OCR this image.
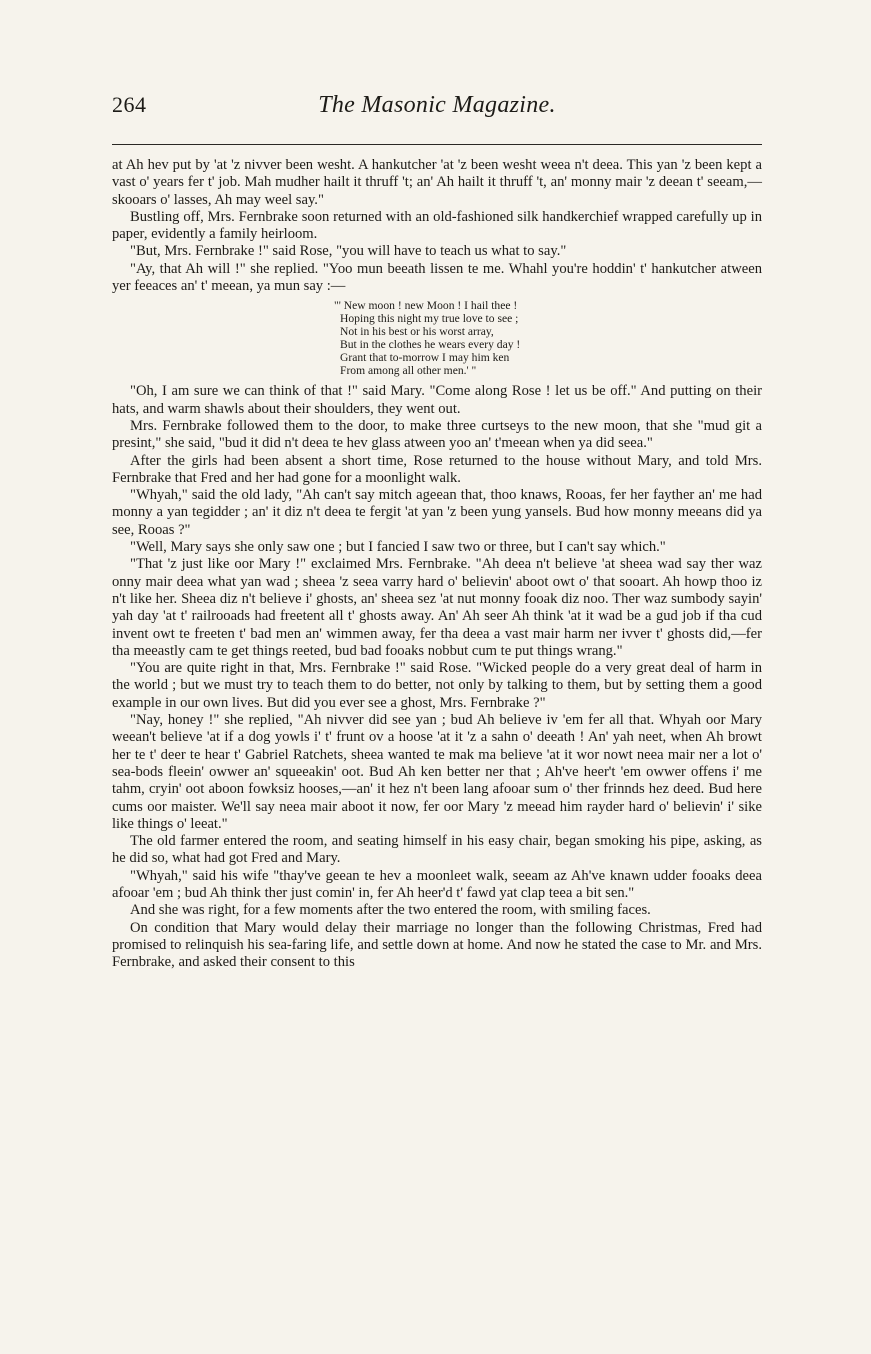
264	The Masonic Magazine.

at Ah hev put by 'at 'z nivver been wesht. A hankutcher 'at 'z been wesht weea n't deea. This yan 'z been kept a vast o' years fer t' job. Mah mudher hailt it thruff 't; an' Ah hailt it thruff 't, an' monny mair 'z deean t' seeam,—skooars o' lasses, Ah may weel say."

Bustling off, Mrs. Fernbrake soon returned with an old-fashioned silk handkerchief wrapped carefully up in paper, evidently a family heirloom.

"But, Mrs. Fernbrake !" said Rose, "you will have to teach us what to say."

"Ay, that Ah will !" she replied. "Yoo mun beeath lissen te me. Whahl you're hoddin' t' hankutcher atween yer feeaces an' t' meean, ya mun say :—

"' New moon ! new Moon ! I hail thee !
Hoping this night my true love to see ;
Not in his best or his worst array,
But in the clothes he wears every day !
Grant that to-morrow I may him ken
From among all other men.' "

"Oh, I am sure we can think of that !" said Mary. "Come along Rose ! let us be off." And putting on their hats, and warm shawls about their shoulders, they went out.

Mrs. Fernbrake followed them to the door, to make three curtseys to the new moon, that she "mud git a presint," she said, "bud it did n't deea te hev glass atween yoo an' t'meean when ya did seea."

After the girls had been absent a short time, Rose returned to the house without Mary, and told Mrs. Fernbrake that Fred and her had gone for a moonlight walk.

"Whyah," said the old lady, "Ah can't say mitch ageean that, thoo knaws, Rooas, fer her fayther an' me had monny a yan tegidder ; an' it diz n't deea te fergit 'at yan 'z been yung yansels. Bud how monny meeans did ya see, Rooas ?"

"Well, Mary says she only saw one ; but I fancied I saw two or three, but I can't say which."

"That 'z just like oor Mary !" exclaimed Mrs. Fernbrake. "Ah deea n't believe 'at sheea wad say ther waz onny mair deea what yan wad ; sheea 'z seea varry hard o' believin' aboot owt o' that sooart. Ah howp thoo iz n't like her. Sheea diz n't believe i' ghosts, an' sheea sez 'at nut monny fooak diz noo. Ther waz sumbody sayin' yah day 'at t' railrooads had freetent all t' ghosts away. An' Ah seer Ah think 'at it wad be a gud job if tha cud invent owt te freeten t' bad men an' wimmen away, fer tha deea a vast mair harm ner ivver t' ghosts did,—fer tha meeastly cam te get things reeted, bud bad fooaks nobbut cum te put things wrang."

"You are quite right in that, Mrs. Fernbrake !" said Rose. "Wicked people do a very great deal of harm in the world ; but we must try to teach them to do better, not only by talking to them, but by setting them a good example in our own lives. But did you ever see a ghost, Mrs. Fernbrake ?"

"Nay, honey !" she replied, "Ah nivver did see yan ; bud Ah believe iv 'em fer all that. Whyah oor Mary weean't believe 'at if a dog yowls i' t' frunt ov a hoose 'at it 'z a sahn o' deeath ! An' yah neet, when Ah browt her te t' deer te hear t' Gabriel Ratchets, sheea wanted te mak ma believe 'at it wor nowt neea mair ner a lot o' sea-bods fleein' owwer an' squeeakin' oot. Bud Ah ken better ner that ; Ah've heer't 'em owwer offens i' me tahm, cryin' oot aboon fowksiz hooses,—an' it hez n't been lang afooar sum o' ther frinnds hez deed. Bud here cums oor maister. We'll say neea mair aboot it now, fer oor Mary 'z meead him rayder hard o' believin' i' sike like things o' leeat."

The old farmer entered the room, and seating himself in his easy chair, began smoking his pipe, asking, as he did so, what had got Fred and Mary.

"Whyah," said his wife "thay've geean te hev a moonleet walk, seeam az Ah've knawn udder fooaks deea afooar 'em ; bud Ah think ther just comin' in, fer Ah heer'd t' fawd yat clap teea a bit sen."

And she was right, for a few moments after the two entered the room, with smiling faces.

On condition that Mary would delay their marriage no longer than the following Christmas, Fred had promised to relinquish his sea-faring life, and settle down at home. And now he stated the case to Mr. and Mrs. Fernbrake, and asked their consent to this
